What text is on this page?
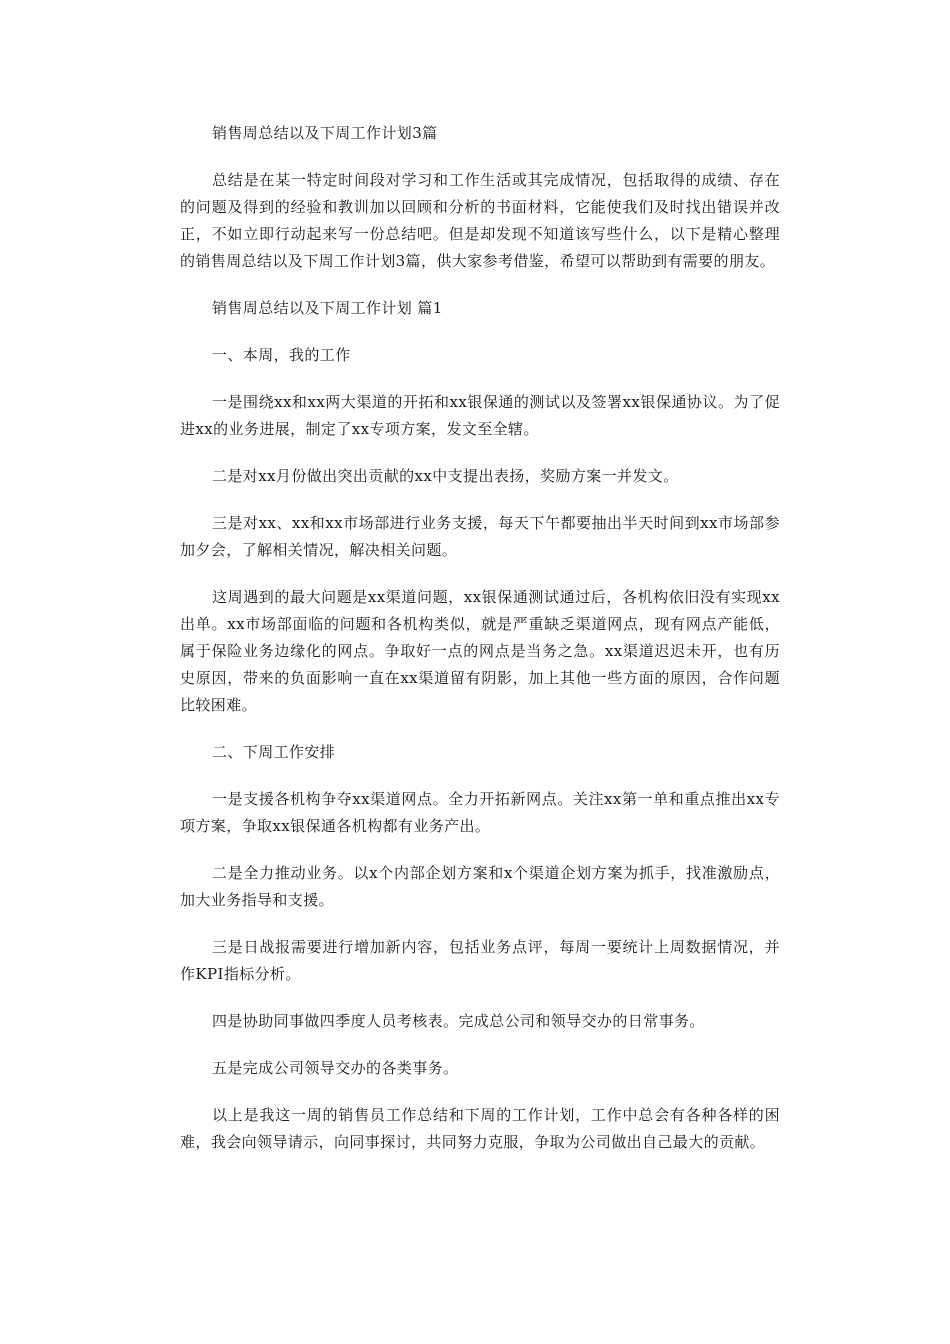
销售周总结以及下周工作计划3篇

总结是在某一特定时间段对学习和工作生活或其完成情况，包括取得的成绩、存在的问题及得到的经验和教训加以回顾和分析的书面材料，它能使我们及时找出错误并改正，不如立即行动起来写一份总结吧。但是却发现不知道该写些什么，以下是精心整理的销售周总结以及下周工作计划3篇，供大家参考借鉴，希望可以帮助到有需要的朋友。

销售周总结以及下周工作计划 篇1

一、本周，我的工作

一是围绕xx和xx两大渠道的开拓和xx银保通的测试以及签署xx银保通协议。为了促进xx的业务进展，制定了xx专项方案，发文至全辖。

二是对xx月份做出突出贡献的xx中支提出表扬，奖励方案一并发文。

三是对xx、xx和xx市场部进行业务支援，每天下午都要抽出半天时间到xx市场部参加夕会，了解相关情况，解决相关问题。

这周遇到的最大问题是xx渠道问题，xx银保通测试通过后，各机构依旧没有实现xx出单。xx市场部面临的问题和各机构类似，就是严重缺乏渠道网点，现有网点产能低，属于保险业务边缘化的网点。争取好一点的网点是当务之急。xx渠道迟迟未开，也有历史原因，带来的负面影响一直在xx渠道留有阴影，加上其他一些方面的原因，合作问题比较困难。

二、下周工作安排

一是支援各机构争夺xx渠道网点。全力开拓新网点。关注xx第一单和重点推出xx专项方案，争取xx银保通各机构都有业务产出。

二是全力推动业务。以x个内部企划方案和x个渠道企划方案为抓手，找准激励点，加大业务指导和支援。

三是日战报需要进行增加新内容，包括业务点评，每周一要统计上周数据情况，并作KPI指标分析。

四是协助同事做四季度人员考核表。完成总公司和领导交办的日常事务。

五是完成公司领导交办的各类事务。

以上是我这一周的销售员工作总结和下周的工作计划，工作中总会有各种各样的困难，我会向领导请示，向同事探讨，共同努力克服，争取为公司做出自己最大的贡献。
